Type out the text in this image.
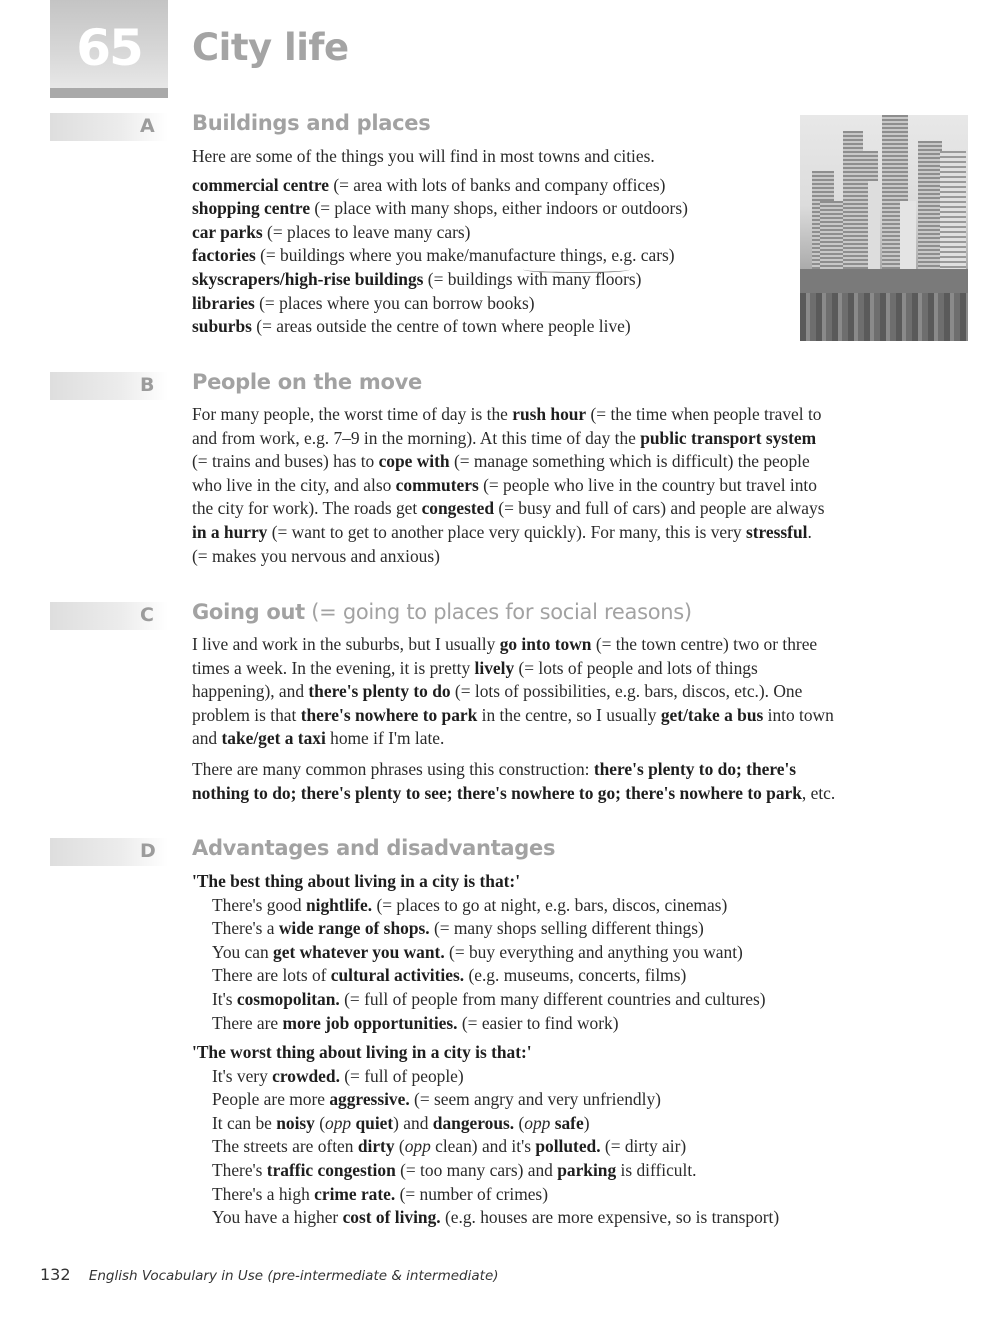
65	City life
A	Buildings and places

Here are some of the things you will find in most towns and cities.

commercial centre (= area with lots of banks and company offices)

shopping centre (= place with many shops, either indoors or outdoors)

car parks (= places to leave many cars)

factories (= buildings where you make/manufacture things, e.g. cars)

skyscrapers/high-rise buildings (= buildings with many floors)

libraries (= places where you can borrow books)

suburbs (= areas outside the centre of town where people live)

B	People on the move

For many people, the worst time of day is the rush hour (= the time when people travel to

and from work, e.g. 7–9 in the morning). At this time of day the public transport system

(= trains and buses) has to cope with (= manage something which is difficult) the people

who live in the city, and also commuters (= people who live in the country but travel into

the city for work). The roads get congested (= busy and full of cars) and people are always

in a hurry (= want to get to another place very quickly). For many, this is very stressful.

(= makes you nervous and anxious)

C	Going out (= going to places for social reasons)

I live and work in the suburbs, but I usually go into town (= the town centre) two or three

times a week. In the evening, it is pretty lively (= lots of people and lots of things

happening), and there's plenty to do (= lots of possibilities, e.g. bars, discos, etc.). One

problem is that there's nowhere to park in the centre, so I usually get/take a bus into town

and take/get a taxi home if I'm late.

There are many common phrases using this construction: there's plenty to do; there's

nothing to do; there's plenty to see; there's nowhere to go; there's nowhere to park, etc.

D	Advantages and disadvantages

'The best thing about living in a city is that:'

There's good nightlife. (= places to go at night, e.g. bars, discos, cinemas)

There's a wide range of shops. (= many shops selling different things)

You can get whatever you want. (= buy everything and anything you want)

There are lots of cultural activities. (e.g. museums, concerts, films)

It's cosmopolitan. (= full of people from many different countries and cultures)

There are more job opportunities. (= easier to find work)

'The worst thing about living in a city is that:'

It's very crowded. (= full of people)

People are more aggressive. (= seem angry and very unfriendly)

It can be noisy (opp quiet) and dangerous. (opp safe)

The streets are often dirty (opp clean) and it's polluted. (= dirty air)

There's traffic congestion (= too many cars) and parking is difficult.

There's a high crime rate. (= number of crimes)

You have a higher cost of living. (e.g. houses are more expensive, so is transport)

132 English Vocabulary in Use (pre-intermediate & intermediate)
